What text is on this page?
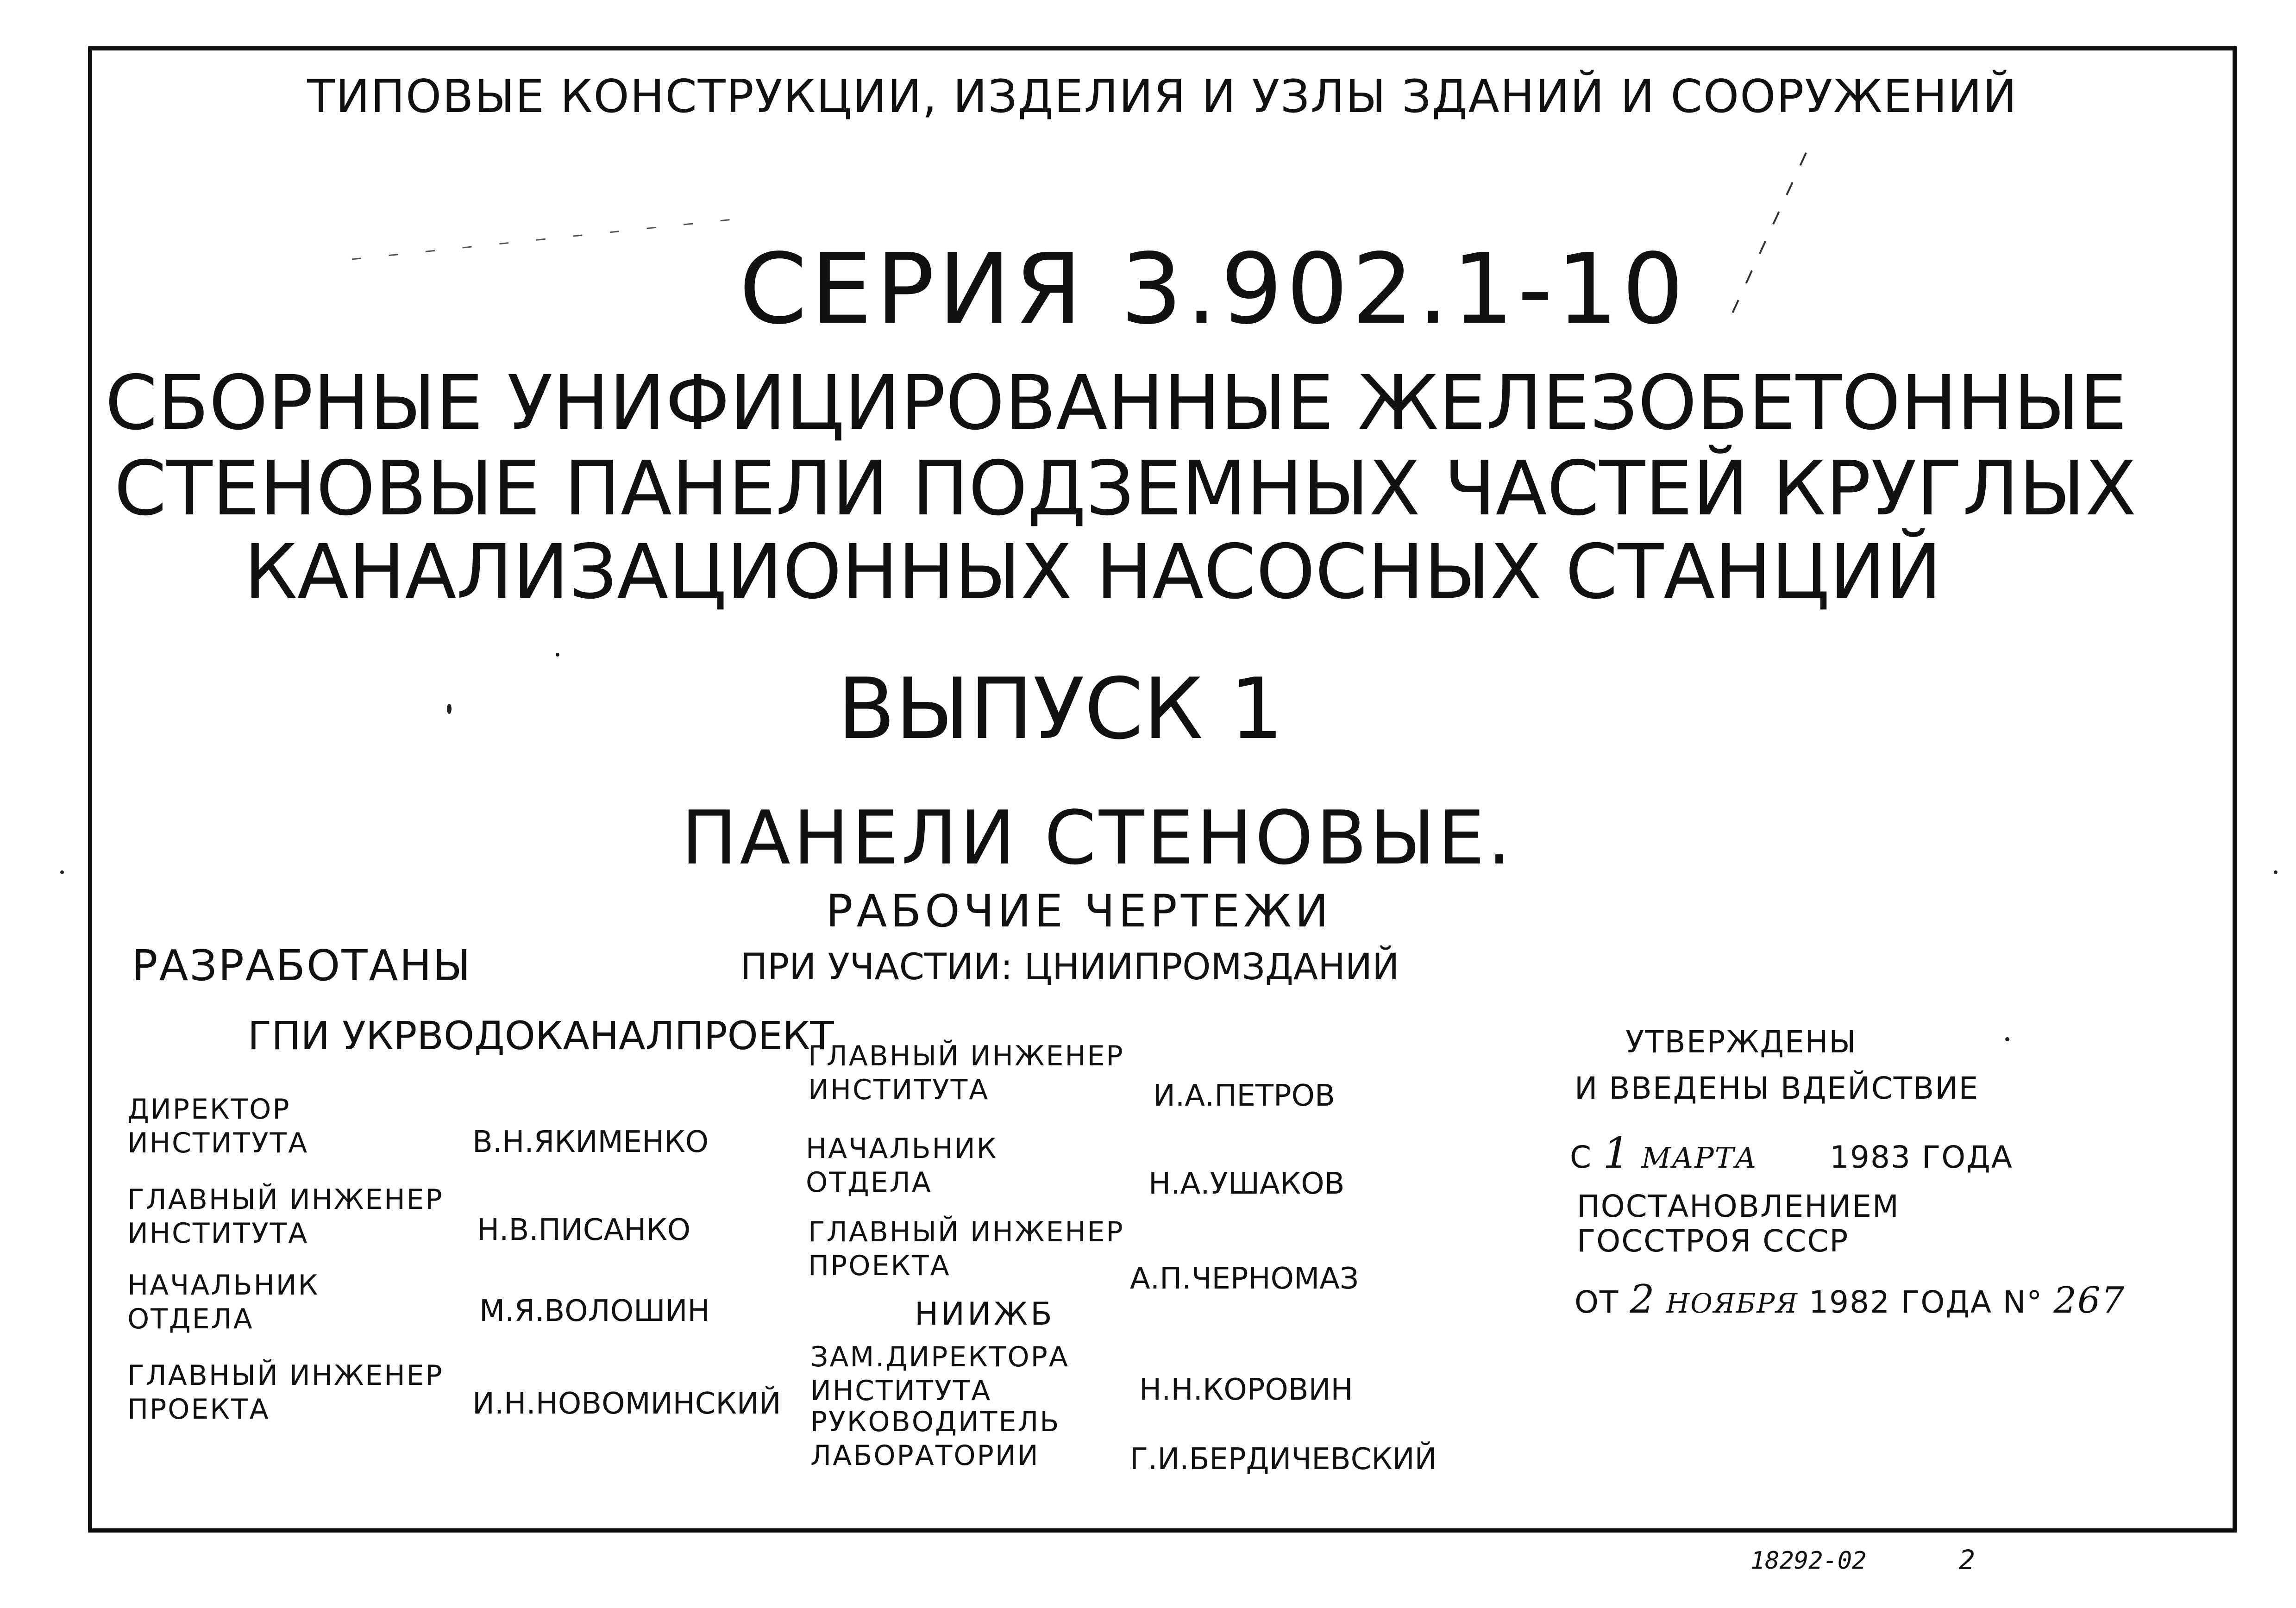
ТИПОВЫЕ КОНСТРУКЦИИ, ИЗДЕЛИЯ И УЗЛЫ ЗДАНИЙ И СООРУЖЕНИЙ
СЕРИЯ 3.902.1-10
СБОРНЫЕ УНИФИЦИРОВАННЫЕ ЖЕЛЕЗОБЕТОННЫЕ
СТЕНОВЫЕ ПАНЕЛИ ПОДЗЕМНЫХ ЧАСТЕЙ КРУГЛЫХ
КАНАЛИЗАЦИОННЫХ НАСОСНЫХ СТАНЦИЙ
ВЫПУСК 1
ПАНЕЛИ СТЕНОВЫЕ.
РАБОЧИЕ ЧЕРТЕЖИ
ПРИ УЧАСТИИ: ЦНИИПРОМЗДАНИЙ
РАЗРАБОТАНЫ
ГПИ УКРВОДОКАНАЛПРОЕКТ
ДИРЕКТОР
ИНСТИТУТА	В.Н.ЯКИМЕНКО
ГЛАВНЫЙ ИНЖЕНЕР
ИНСТИТУТА	Н.В.ПИСАНКО
НАЧАЛЬНИК
ОТДЕЛА	М.Я.ВОЛОШИН
ГЛАВНЫЙ ИНЖЕНЕР
ПРОЕКТА	И.Н.НОВОМИНСКИЙ
ГЛАВНЫЙ ИНЖЕНЕР
ИНСТИТУТА	И.А.ПЕТРОВ
НАЧАЛЬНИК
ОТДЕЛА	Н.А.УШАКОВ
ГЛАВНЫЙ ИНЖЕНЕР
ПРОЕКТА	А.П.ЧЕРНОМАЗ
НИИЖБ
ЗАМ.ДИРЕКТОРА
ИНСТИТУТА	Н.Н.КОРОВИН
РУКОВОДИТЕЛЬ
ЛАБОРАТОРИИ	Г.И.БЕРДИЧЕВСКИЙ
УТВЕРЖДЕНЫ
И ВВЕДЕНЫ ВДЕЙСТВИЕ
С 1 МАРТА 1983 ГОДА
ПОСТАНОВЛЕНИЕМ
ГОССТРОЯ СССР
ОТ 2 НОЯБРЯ 1982 ГОДА N° 267
18292-02	2
